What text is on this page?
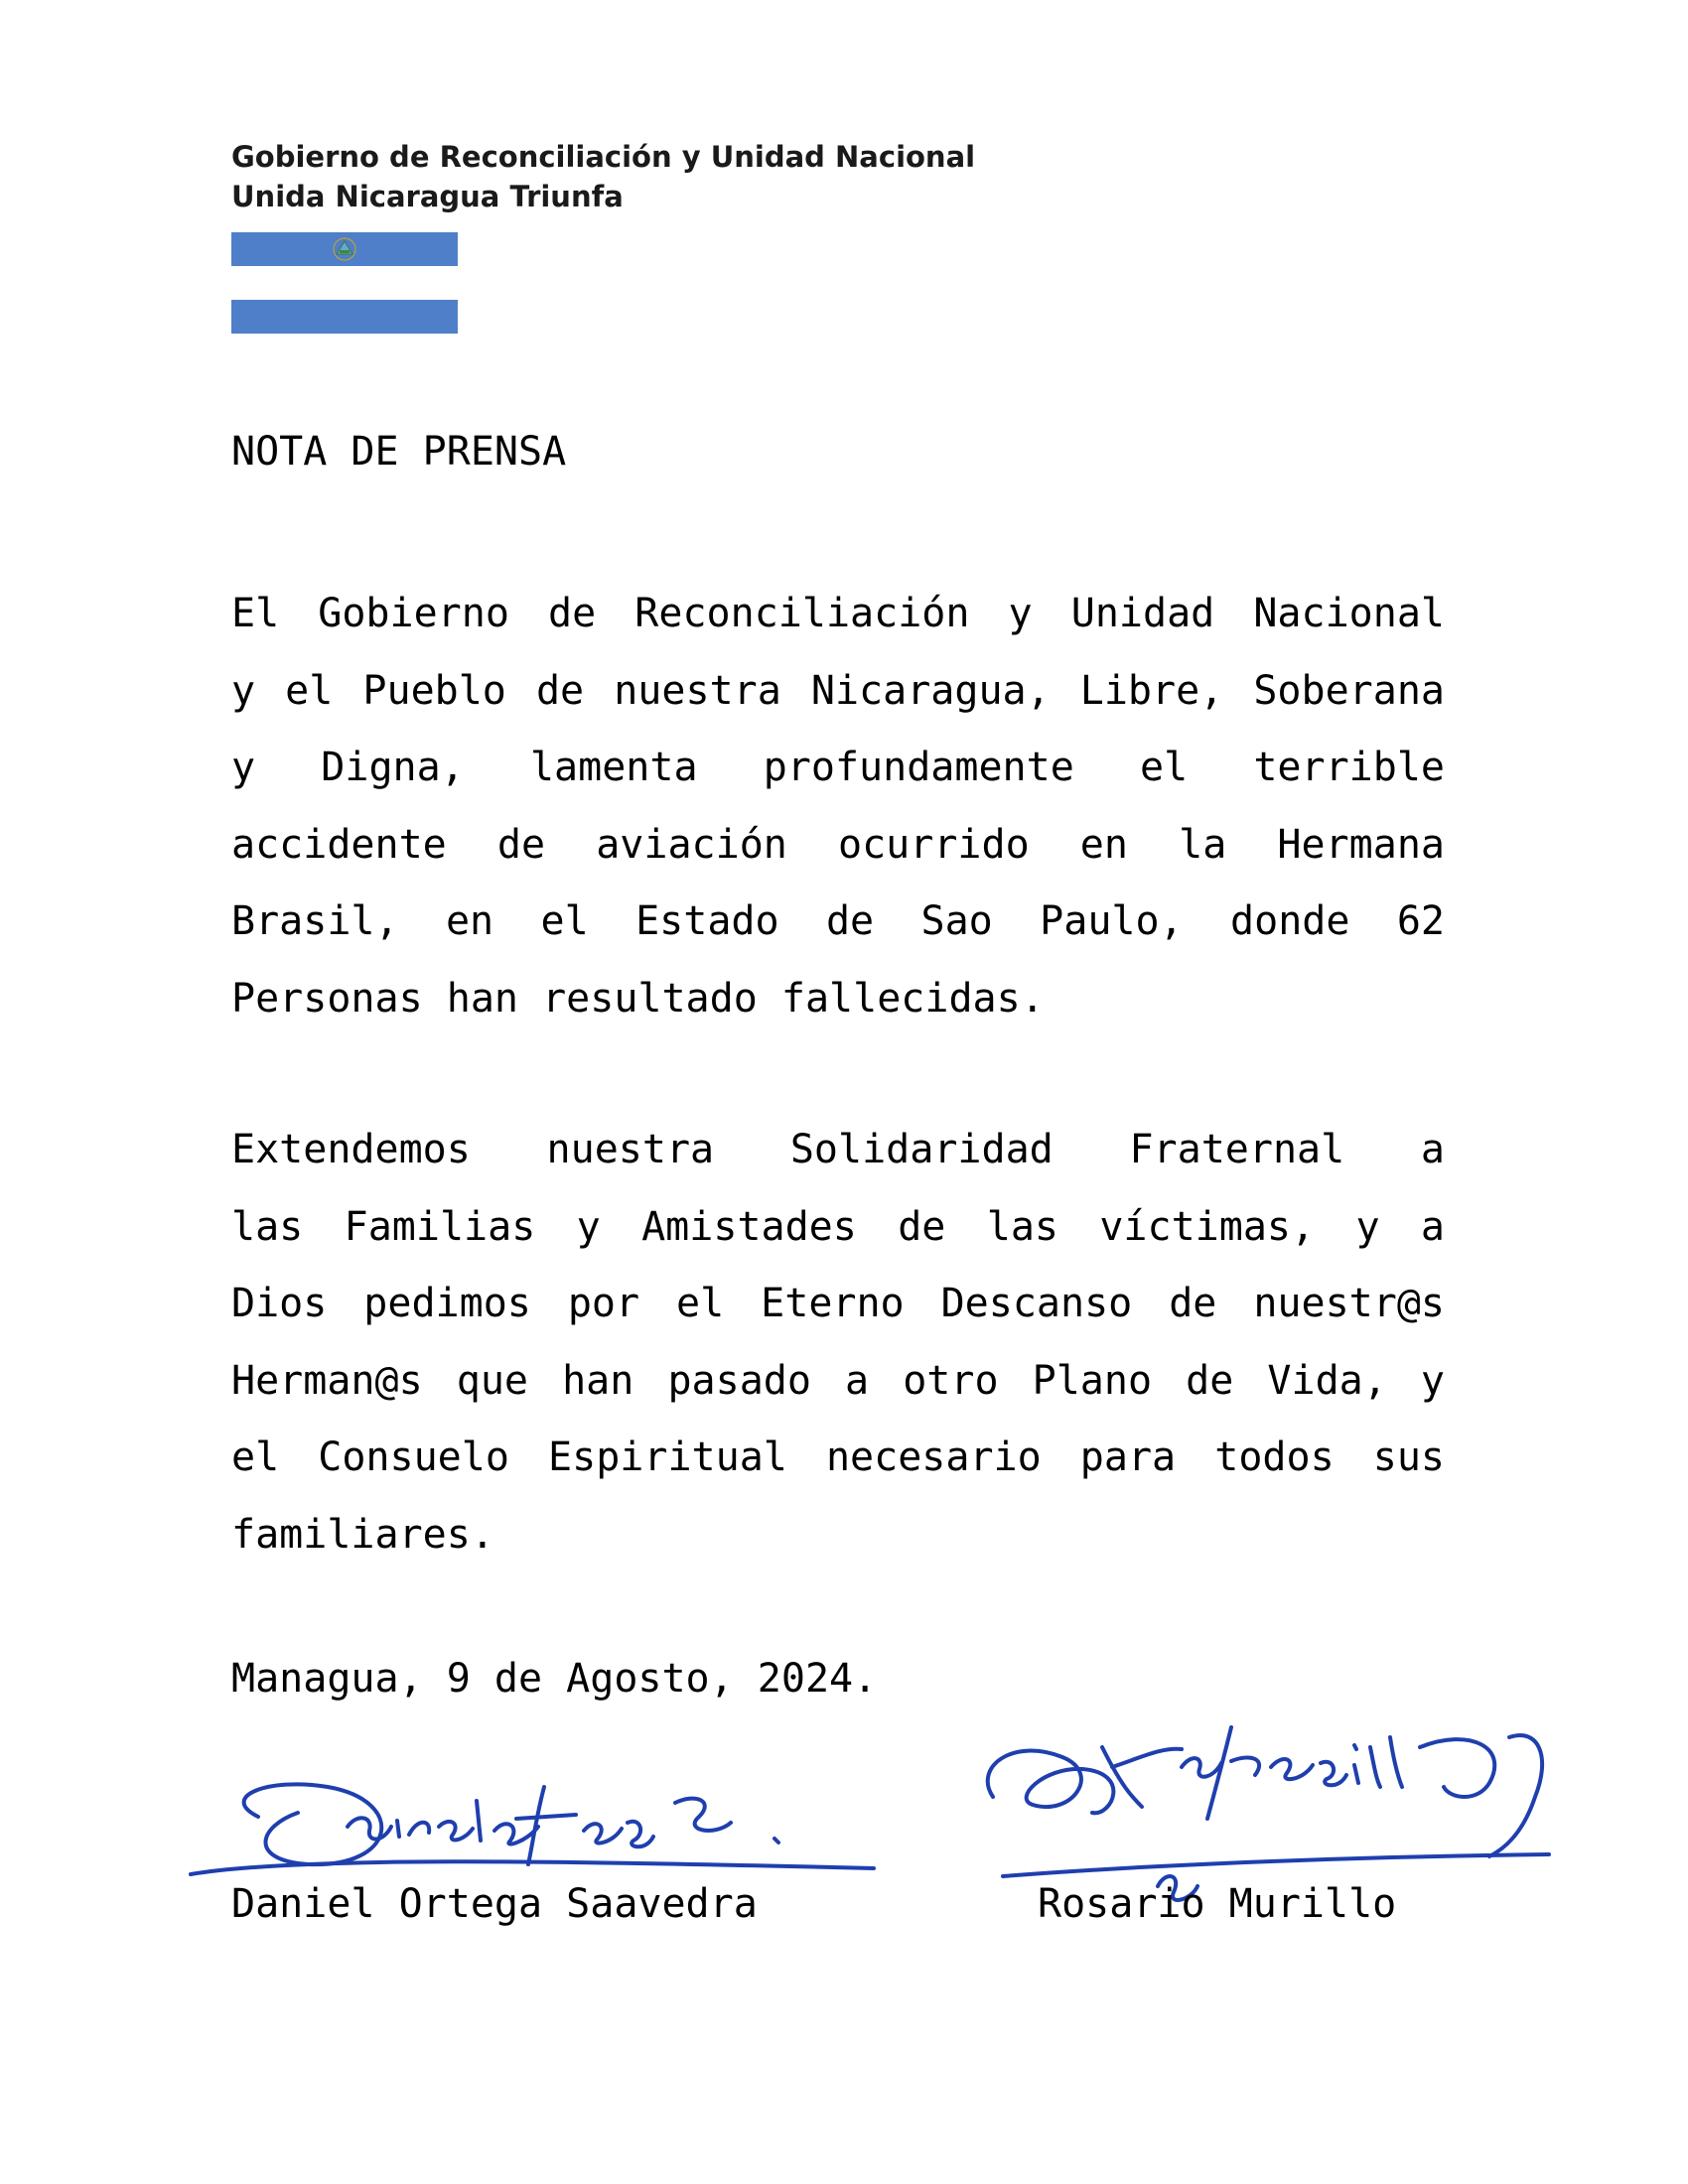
Gobierno de Reconciliación y Unidad Nacional
Unida Nicaragua Triunfa
NOTA DE PRENSA
El Gobierno de Reconciliación y Unidad Nacional
y el Pueblo de nuestra Nicaragua, Libre, Soberana
y Digna, lamenta profundamente el terrible
accidente de aviación ocurrido en la Hermana
Brasil, en el Estado de Sao Paulo, donde 62
Personas han resultado fallecidas.
Extendemos nuestra Solidaridad Fraternal a
las Familias y Amistades de las víctimas, y a
Dios pedimos por el Eterno Descanso de nuestr@s
Herman@s que han pasado a otro Plano de Vida, y
el Consuelo Espiritual necesario para todos sus
familiares.
Managua, 9 de Agosto, 2024.
Daniel Ortega Saavedra	Rosario Murillo
